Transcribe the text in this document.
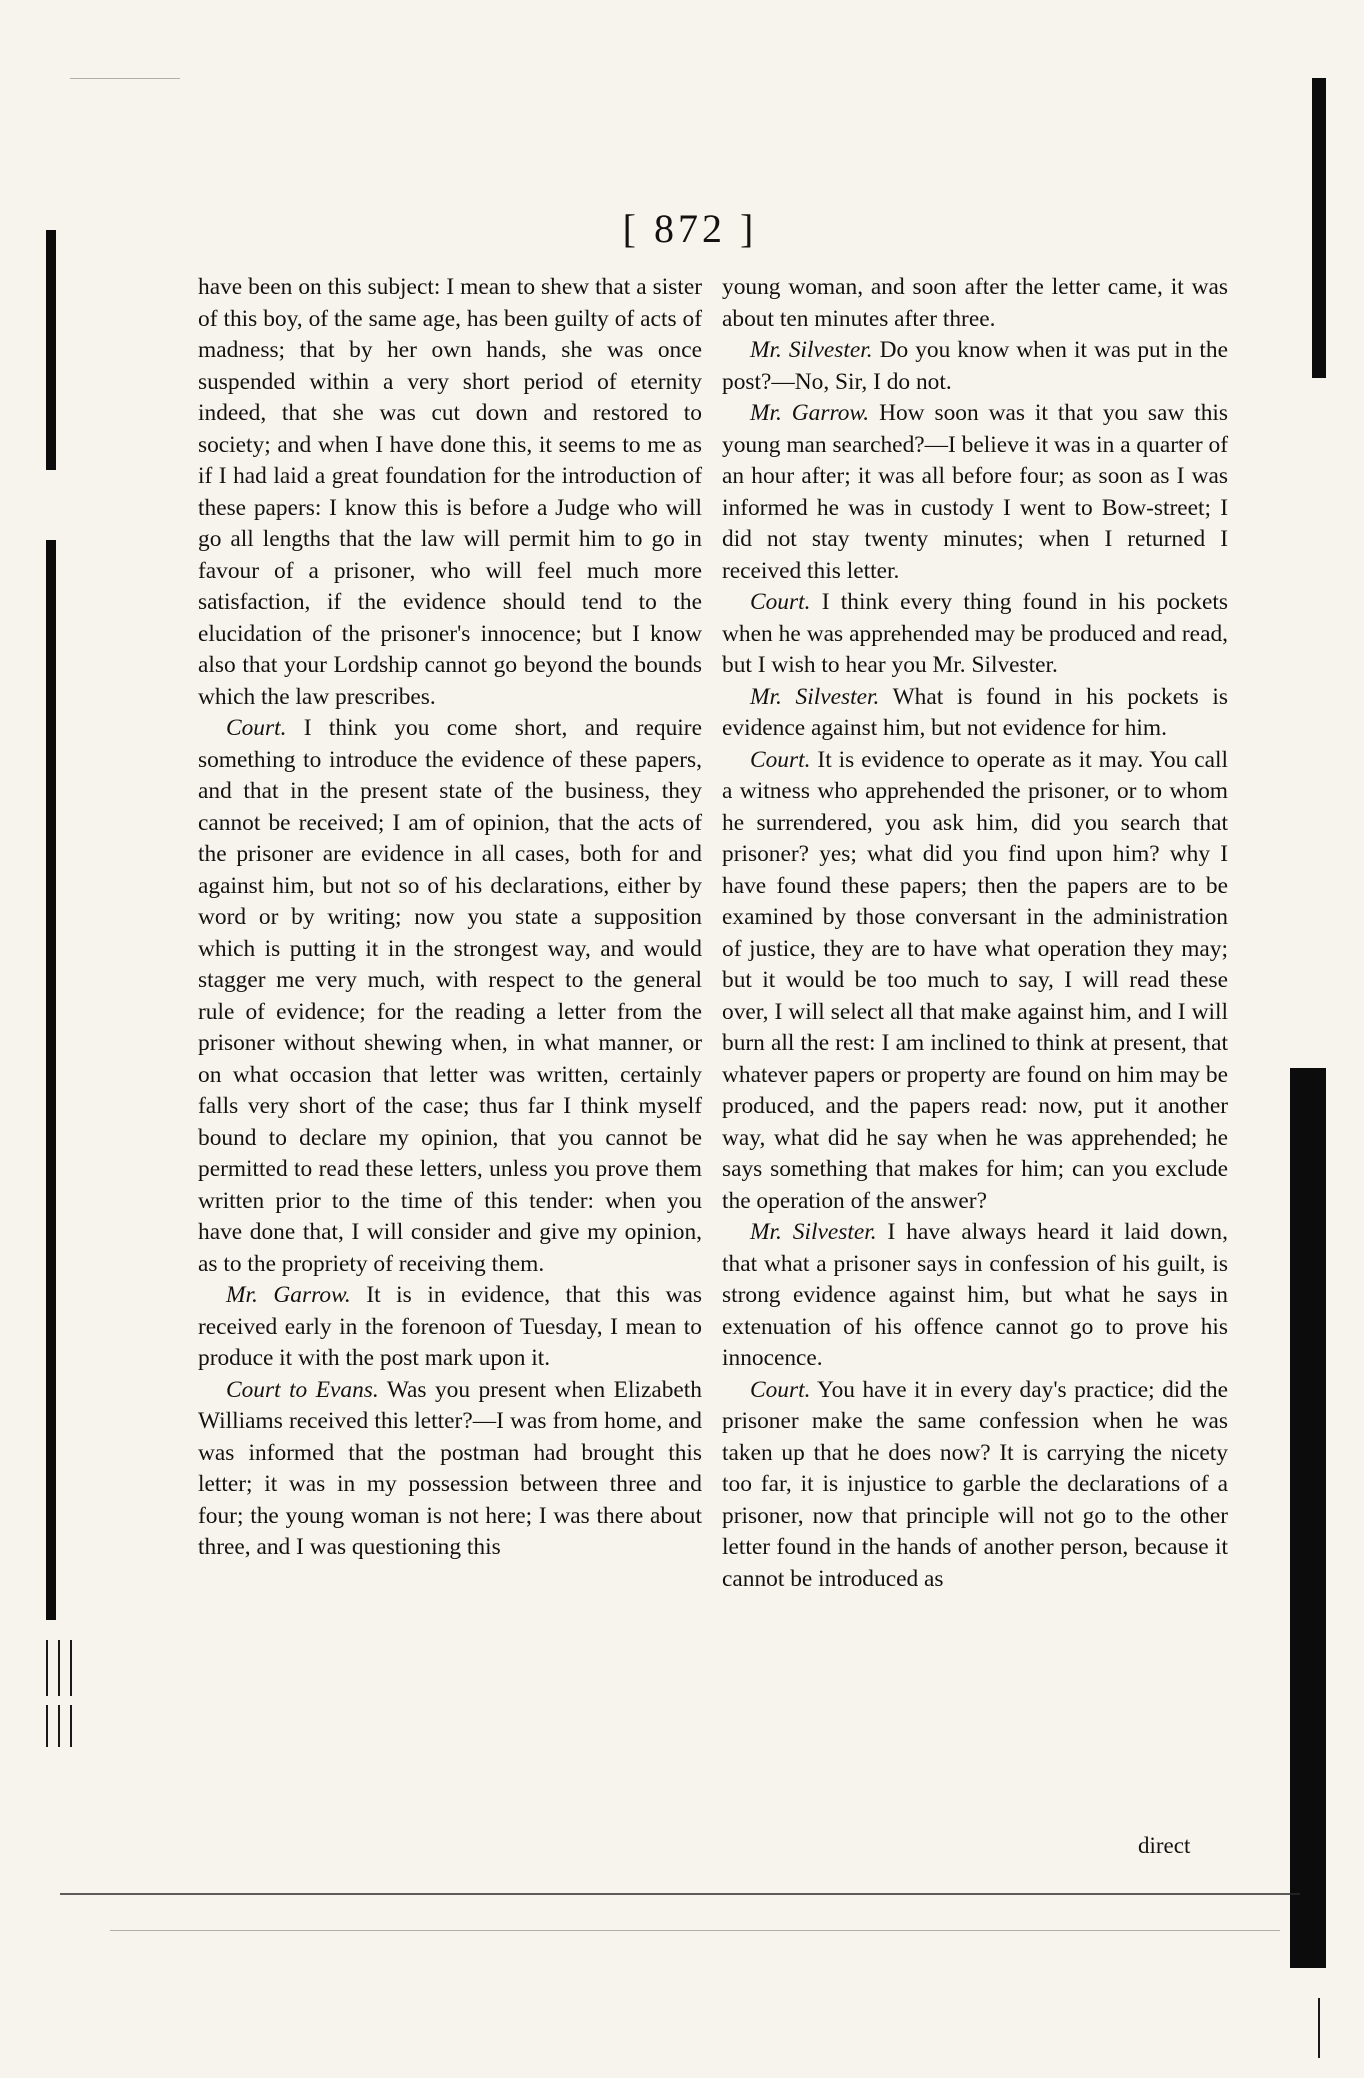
[ 872 ]

have been on this subject: I mean to shew that a sister of this boy, of the same age, has been guilty of acts of madness; that by her own hands, she was once suspended within a very short period of eternity indeed, that she was cut down and restored to society; and when I have done this, it seems to me as if I had laid a great foundation for the introduction of these papers: I know this is before a Judge who will go all lengths that the law will permit him to go in favour of a prisoner, who will feel much more satisfaction, if the evidence should tend to the elucidation of the prisoner's innocence; but I know also that your Lordship cannot go beyond the bounds which the law prescribes.

Court. I think you come short, and require something to introduce the evidence of these papers, and that in the present state of the business, they cannot be received; I am of opinion, that the acts of the prisoner are evidence in all cases, both for and against him, but not so of his declarations, either by word or by writing; now you state a supposition which is putting it in the strongest way, and would stagger me very much, with respect to the general rule of evidence; for the reading a letter from the prisoner without shewing when, in what manner, or on what occasion that letter was written, certainly falls very short of the case; thus far I think myself bound to declare my opinion, that you cannot be permitted to read these letters, unless you prove them written prior to the time of this tender: when you have done that, I will consider and give my opinion, as to the propriety of receiving them.

Mr. Garrow. It is in evidence, that this was received early in the forenoon of Tuesday, I mean to produce it with the post mark upon it.

Court to Evans. Was you present when Elizabeth Williams received this letter?—I was from home, and was informed that the postman had brought this letter; it was in my possession between three and four; the young woman is not here; I was there about three, and I was questioning this

young woman, and soon after the letter came, it was about ten minutes after three.

Mr. Silvester. Do you know when it was put in the post?—No, Sir, I do not.

Mr. Garrow. How soon was it that you saw this young man searched?—I believe it was in a quarter of an hour after; it was all before four; as soon as I was informed he was in custody I went to Bow-street; I did not stay twenty minutes; when I returned I received this letter.

Court. I think every thing found in his pockets when he was apprehended may be produced and read, but I wish to hear you Mr. Silvester.

Mr. Silvester. What is found in his pockets is evidence against him, but not evidence for him.

Court. It is evidence to operate as it may. You call a witness who apprehended the prisoner, or to whom he surrendered, you ask him, did you search that prisoner? yes; what did you find upon him? why I have found these papers; then the papers are to be examined by those conversant in the administration of justice, they are to have what operation they may; but it would be too much to say, I will read these over, I will select all that make against him, and I will burn all the rest: I am inclined to think at present, that whatever papers or property are found on him may be produced, and the papers read: now, put it another way, what did he say when he was apprehended; he says something that makes for him; can you exclude the operation of the answer?

Mr. Silvester. I have always heard it laid down, that what a prisoner says in confession of his guilt, is strong evidence against him, but what he says in extenuation of his offence cannot go to prove his innocence.

Court. You have it in every day's practice; did the prisoner make the same confession when he was taken up that he does now? It is carrying the nicety too far, it is injustice to garble the declarations of a prisoner, now that principle will not go to the other letter found in the hands of another person, because it cannot be introduced as

direct
